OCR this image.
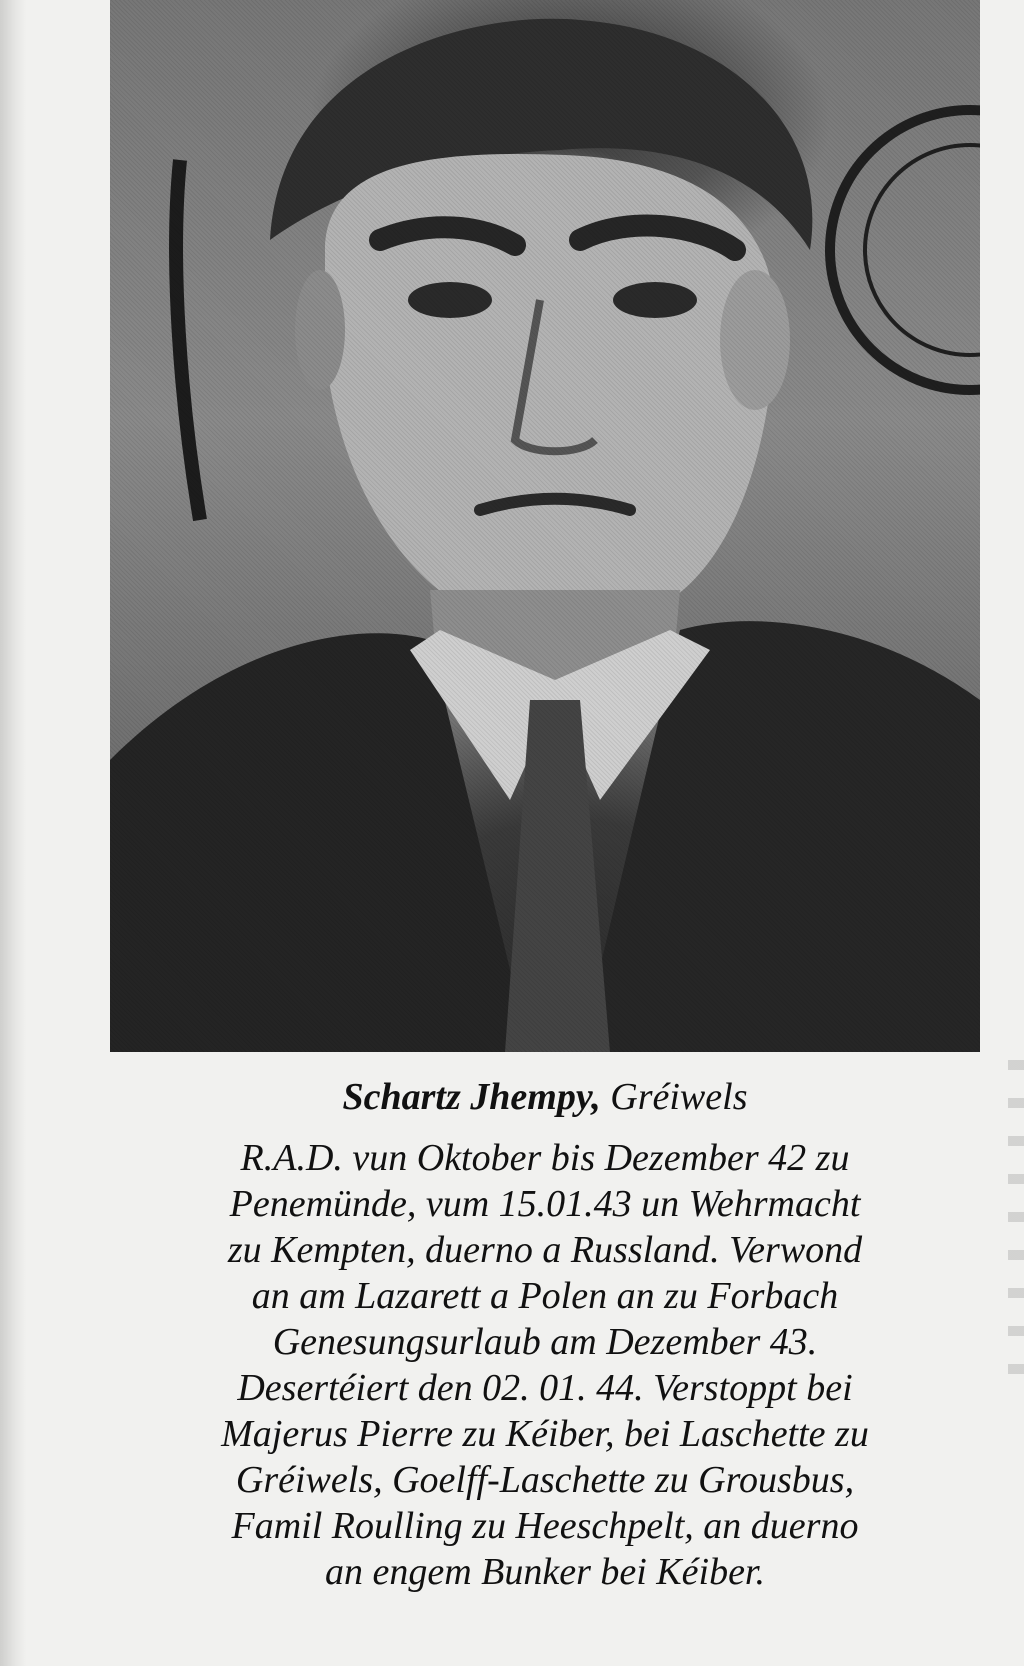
Schartz Jhempy, Gréiwels
R.A.D. vun Oktober bis Dezember 42 zu
Penemünde, vum 15.01.43 un Wehrmacht
zu Kempten, duerno a Russland. Verwond
an am Lazarett a Polen an zu Forbach
Genesungsurlaub am Dezember 43.
Desertéiert den 02. 01. 44. Verstoppt bei
Majerus Pierre zu Kéiber, bei Laschette zu
Gréiwels, Goelff-Laschette zu Grousbus,
Famil Roulling zu Heeschpelt, an duerno
an engem Bunker bei Kéiber.
